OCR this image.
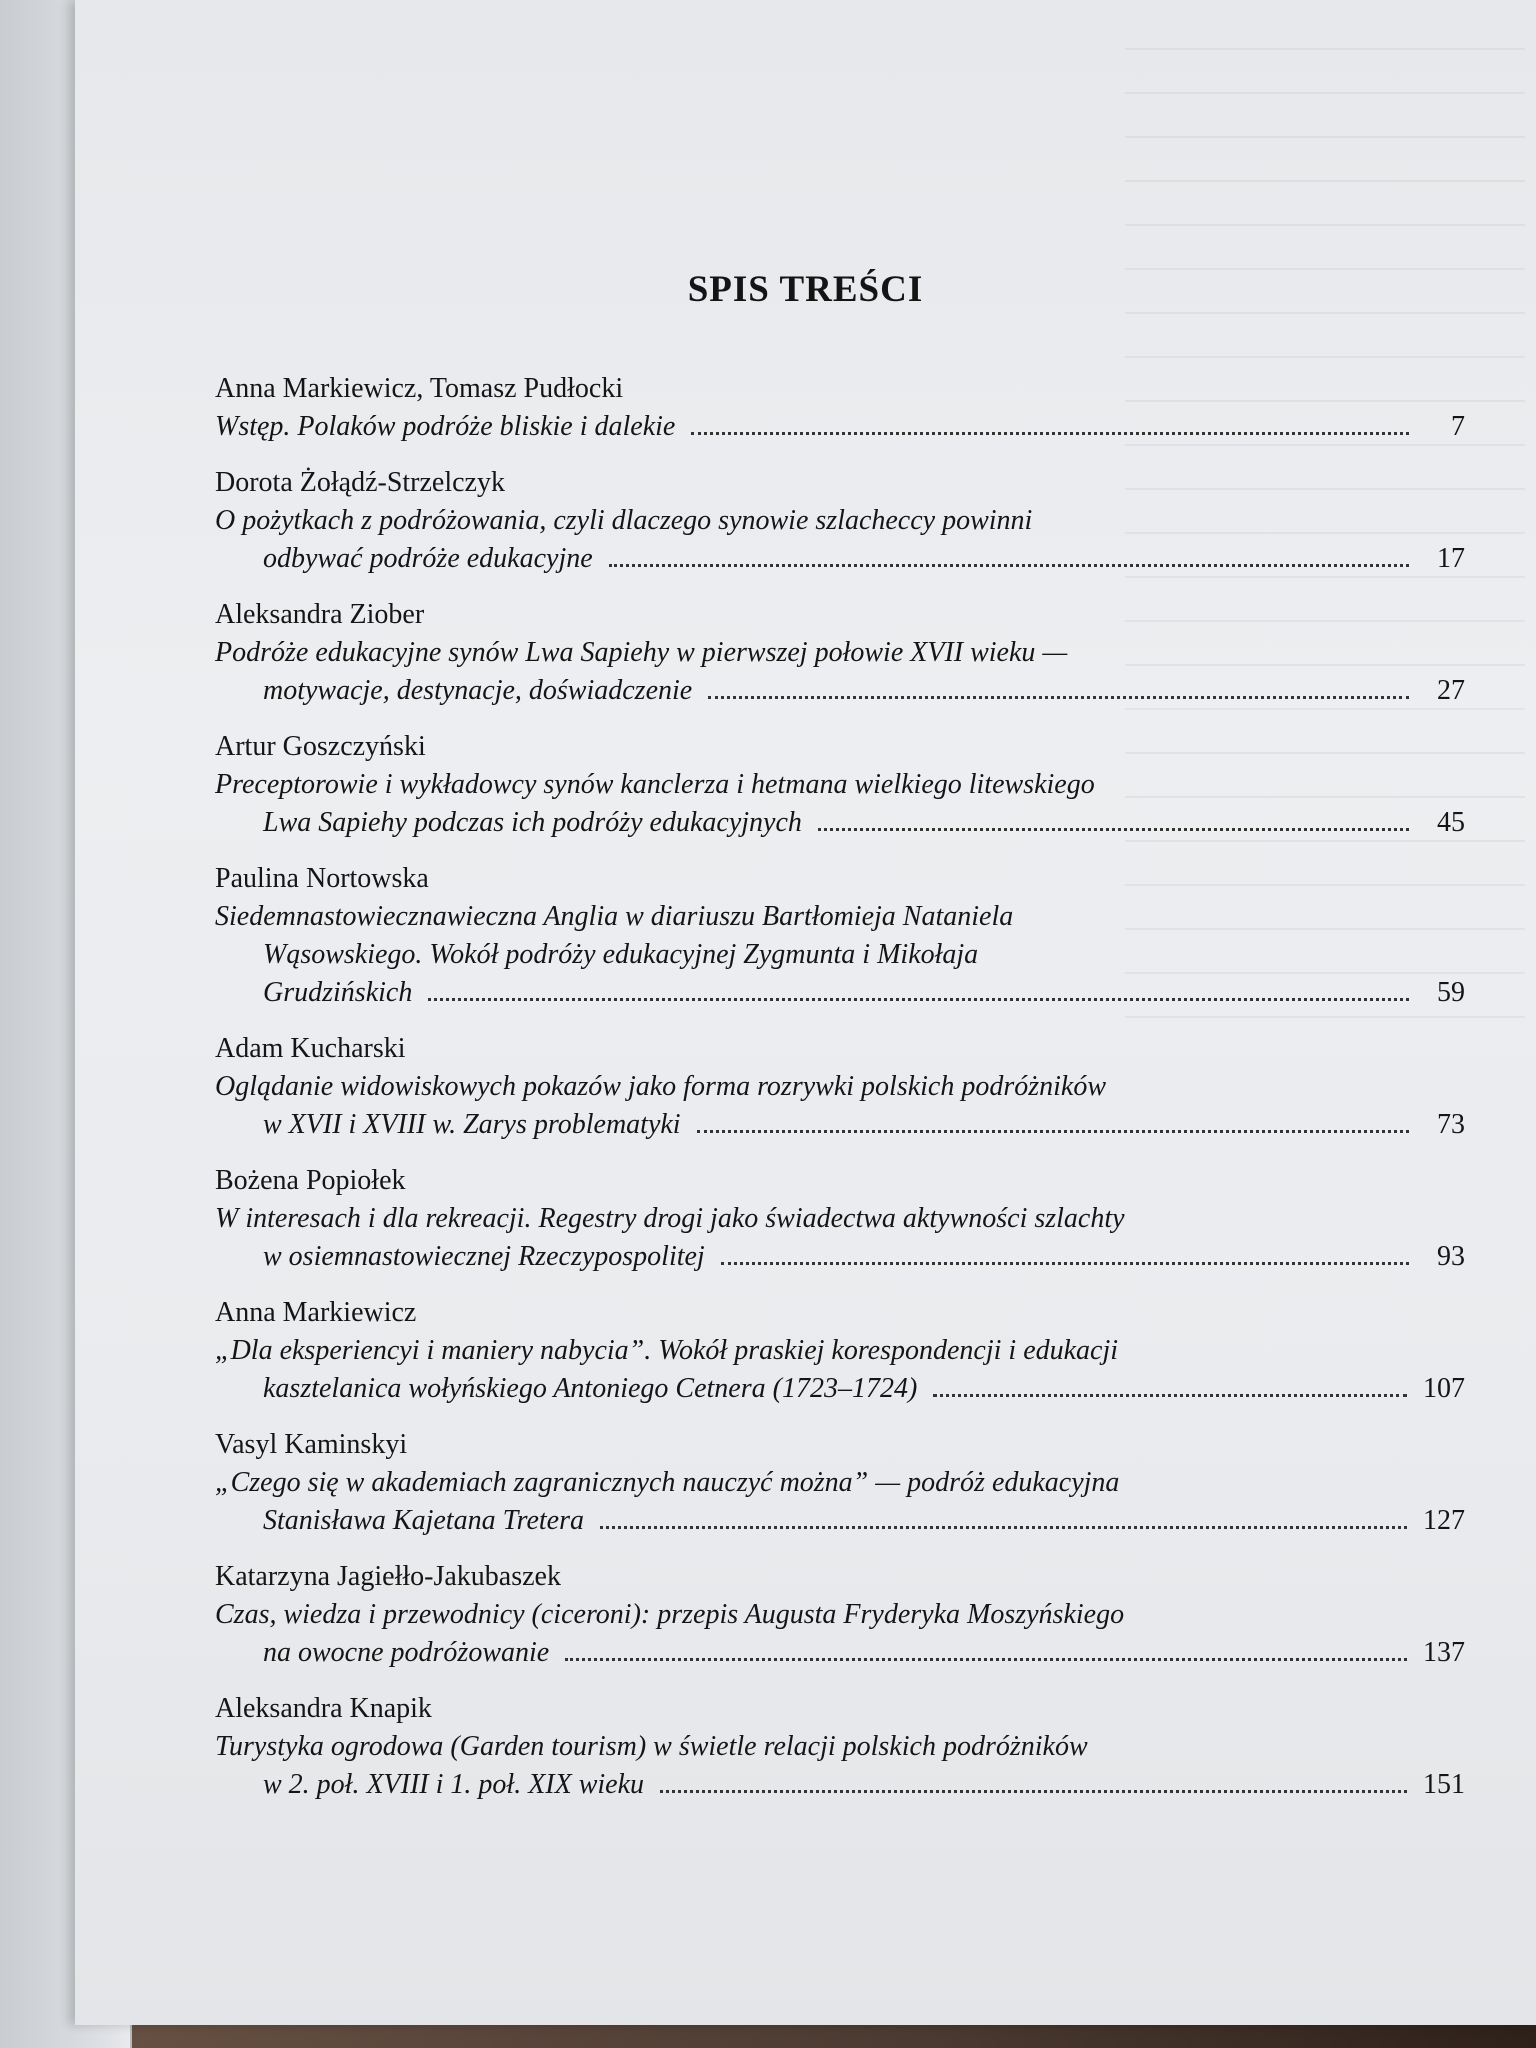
SPIS TREŚCI
Anna Markiewicz, Tomasz Pudłocki
Wstęp. Polaków podróże bliskie i dalekie	7
Dorota Żołądź-Strzelczyk
O pożytkach z podróżowania, czyli dlaczego synowie szlacheccy powinni
odbywać podróże edukacyjne	17
Aleksandra Ziober
Podróże edukacyjne synów Lwa Sapiehy w pierwszej połowie XVII wieku —
motywacje, destynacje, doświadczenie	27
Artur Goszczyński
Preceptorowie i wykładowcy synów kanclerza i hetmana wielkiego litewskiego
Lwa Sapiehy podczas ich podróży edukacyjnych	45
Paulina Nortowska
Siedemnastowiecznawieczna Anglia w diariuszu Bartłomieja Nataniela
Wąsowskiego. Wokół podróży edukacyjnej Zygmunta i Mikołaja
Grudzińskich	59
Adam Kucharski
Oglądanie widowiskowych pokazów jako forma rozrywki polskich podróżników
w XVII i XVIII w. Zarys problematyki	73
Bożena Popiołek
W interesach i dla rekreacji. Regestry drogi jako świadectwa aktywności szlachty
w osiemnastowiecznej Rzeczypospolitej	93
Anna Markiewicz
„Dla eksperiencyi i maniery nabycia”. Wokół praskiej korespondencji i edukacji
kasztelanica wołyńskiego Antoniego Cetnera (1723–1724)	107
Vasyl Kaminskyi
„Czego się w akademiach zagranicznych nauczyć można” — podróż edukacyjna
Stanisława Kajetana Tretera	127
Katarzyna Jagiełło-Jakubaszek
Czas, wiedza i przewodnicy (ciceroni): przepis Augusta Fryderyka Moszyńskiego
na owocne podróżowanie	137
Aleksandra Knapik
Turystyka ogrodowa (Garden tourism) w świetle relacji polskich podróżników
w 2. poł. XVIII i 1. poł. XIX wieku	151
